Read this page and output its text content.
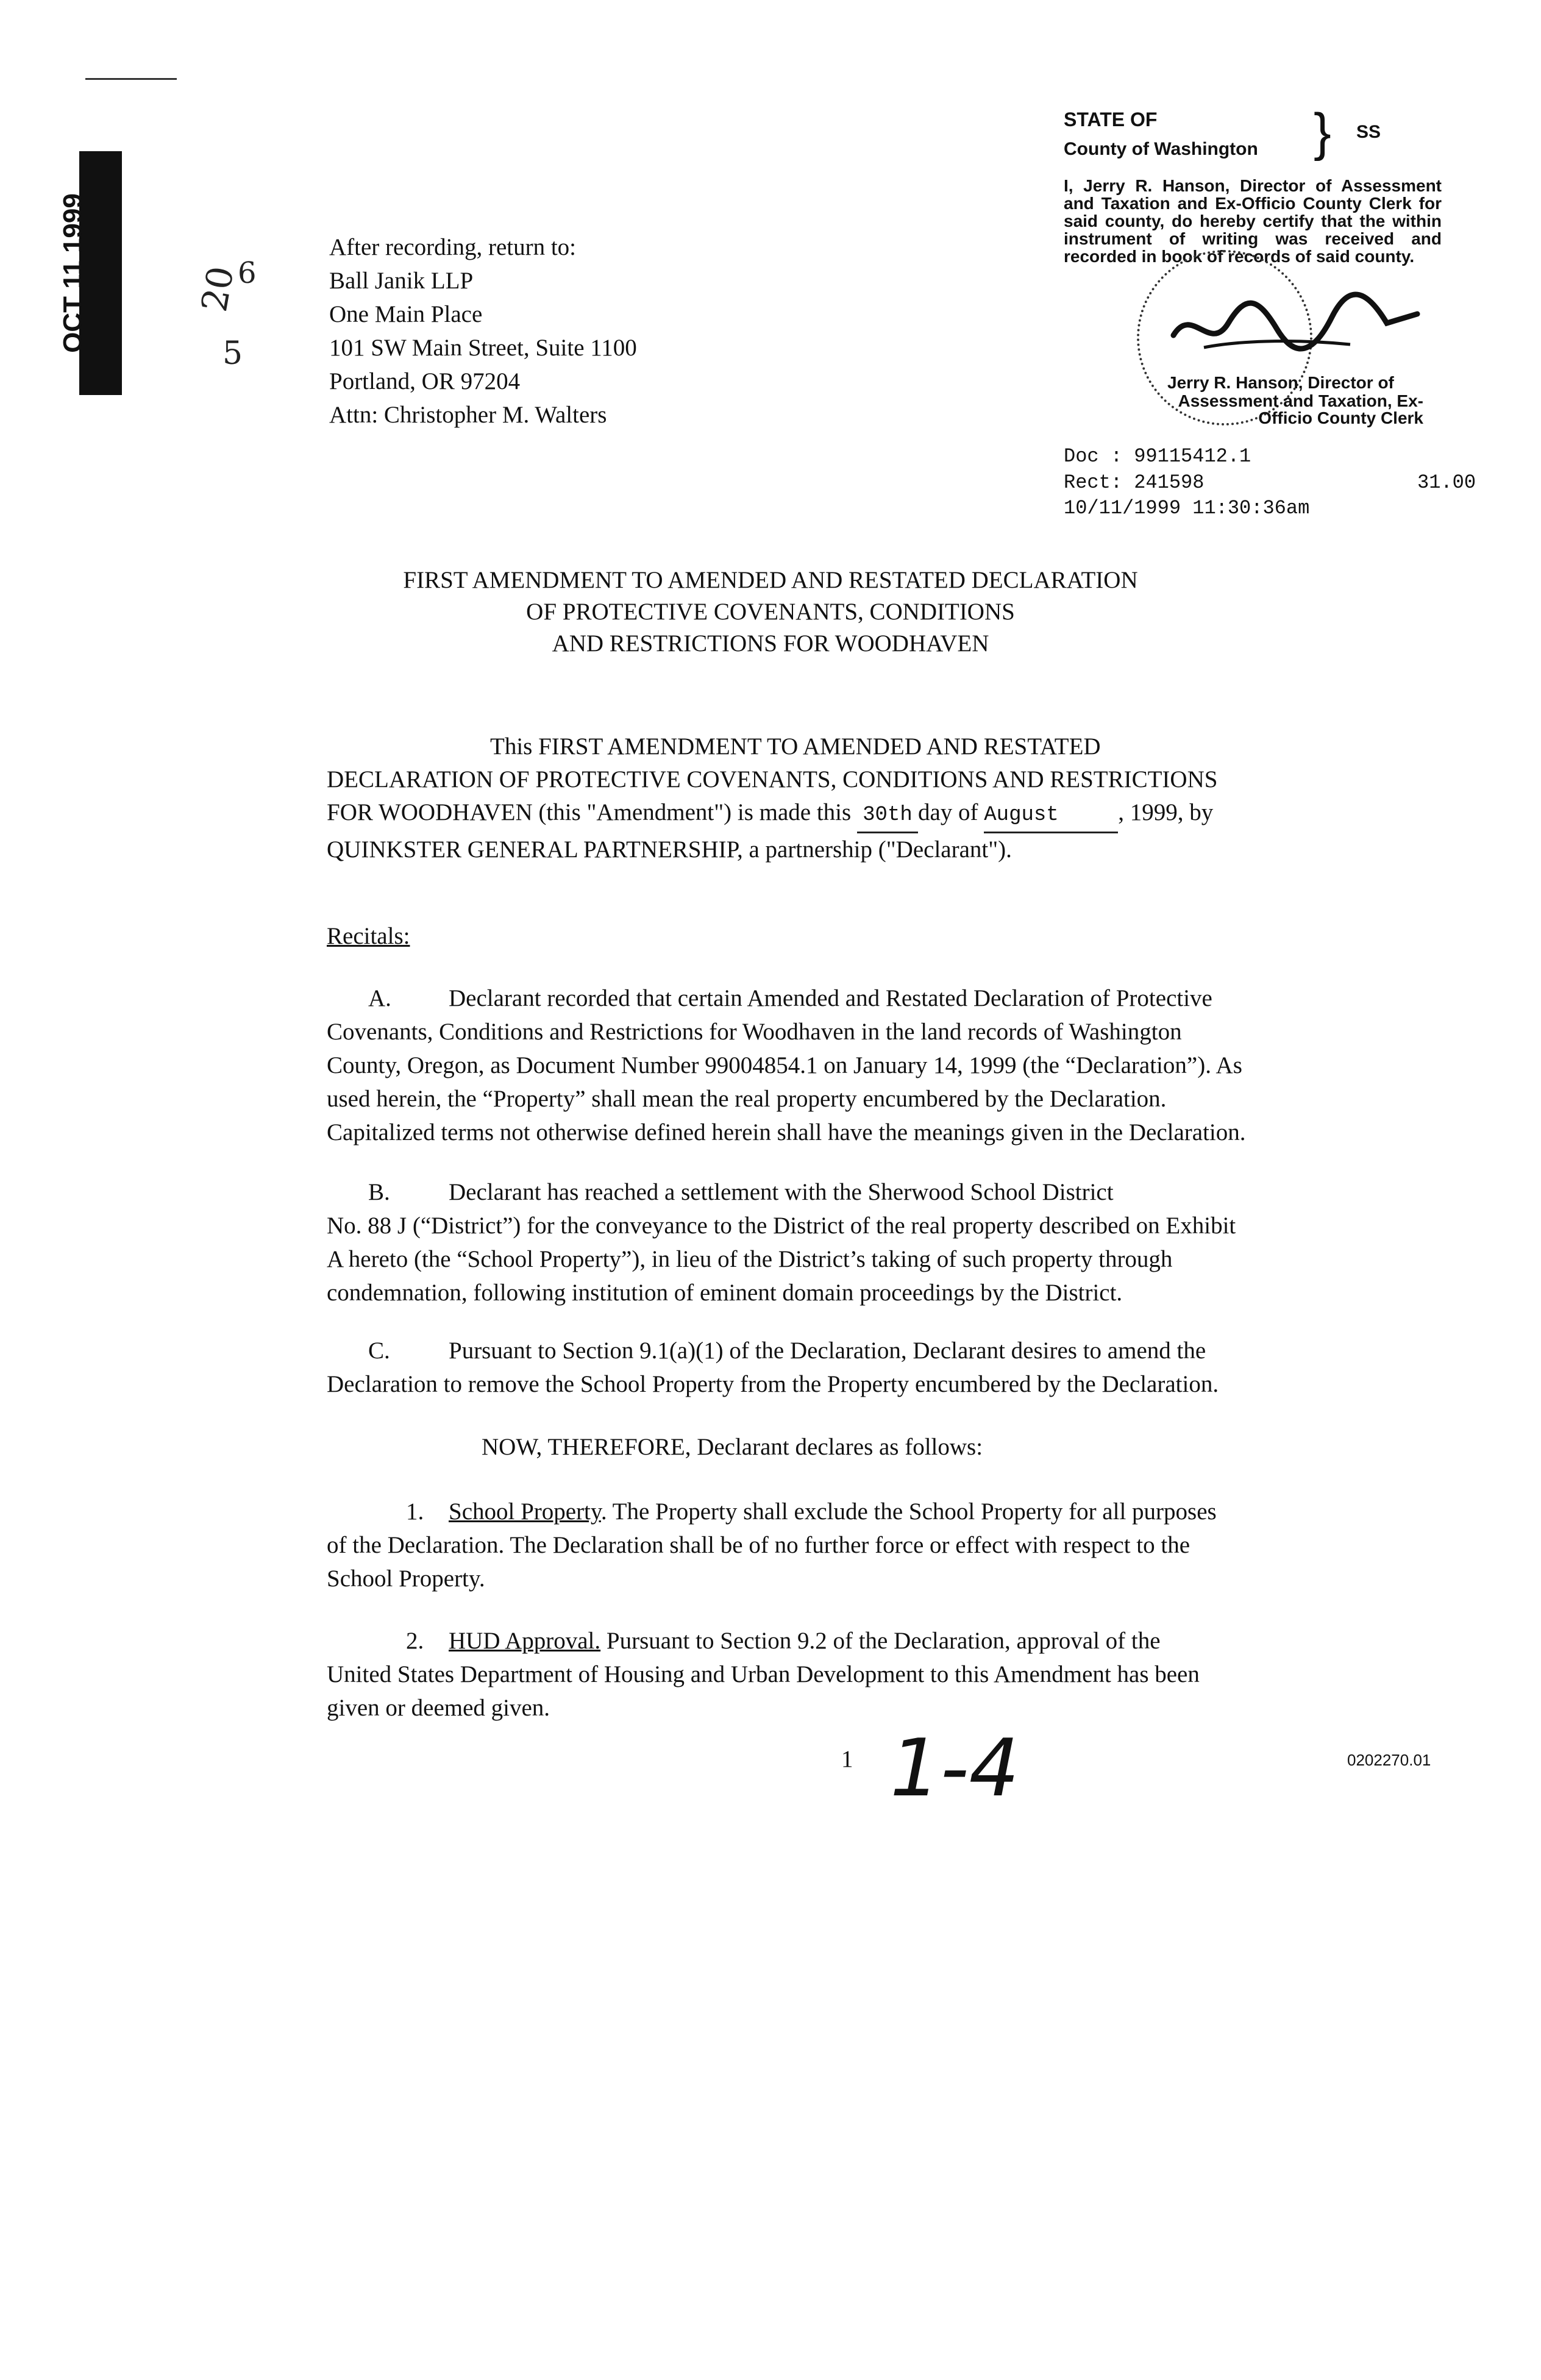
OCT 11 1999	20
6
5
After recording, return to:
Ball Janik LLP
One Main Place
101 SW Main Street, Suite 1100
Portland, OR 97204
Attn: Christopher M. Walters
STATE OF
County of Washington } SS
I, Jerry R. Hanson, Director of Assessment and Taxation and Ex-Officio County Clerk for said county, do hereby certify that the within instrument of writing was received and recorded in book of records of said county.
Jerry R. Hanson, Director of
Assessment and Taxation, Ex-Officio County Clerk
Doc : 99115412.1
Rect: 241598	31.00
10/11/1999 11:30:36am
FIRST AMENDMENT TO AMENDED AND RESTATED DECLARATION
OF PROTECTIVE COVENANTS, CONDITIONS
AND RESTRICTIONS FOR WOODHAVEN
This FIRST AMENDMENT TO AMENDED AND RESTATED
DECLARATION OF PROTECTIVE COVENANTS, CONDITIONS AND RESTRICTIONS
FOR WOODHAVEN (this "Amendment") is made this 30th day of August	, 1999, by
QUINKSTER GENERAL PARTNERSHIP, a partnership ("Declarant").
Recitals:
A. Declarant recorded that certain Amended and Restated Declaration of Protective
Covenants, Conditions and Restrictions for Woodhaven in the land records of Washington
County, Oregon, as Document Number 99004854.1 on January 14, 1999 (the “Declaration”). As
used herein, the “Property” shall mean the real property encumbered by the Declaration.
Capitalized terms not otherwise defined herein shall have the meanings given in the Declaration.
B. Declarant has reached a settlement with the Sherwood School District
No. 88 J (“District”) for the conveyance to the District of the real property described on Exhibit
A hereto (the “School Property”), in lieu of the District’s taking of such property through
condemnation, following institution of eminent domain proceedings by the District.
C. Pursuant to Section 9.1(a)(1) of the Declaration, Declarant desires to amend the
Declaration to remove the School Property from the Property encumbered by the Declaration.
NOW, THEREFORE, Declarant declares as follows:
1. School Property. The Property shall exclude the School Property for all purposes
of the Declaration. The Declaration shall be of no further force or effect with respect to the
School Property.
2. HUD Approval. Pursuant to Section 9.2 of the Declaration, approval of the
United States Department of Housing and Urban Development to this Amendment has been
given or deemed given.
1 1-4	0202270.01
